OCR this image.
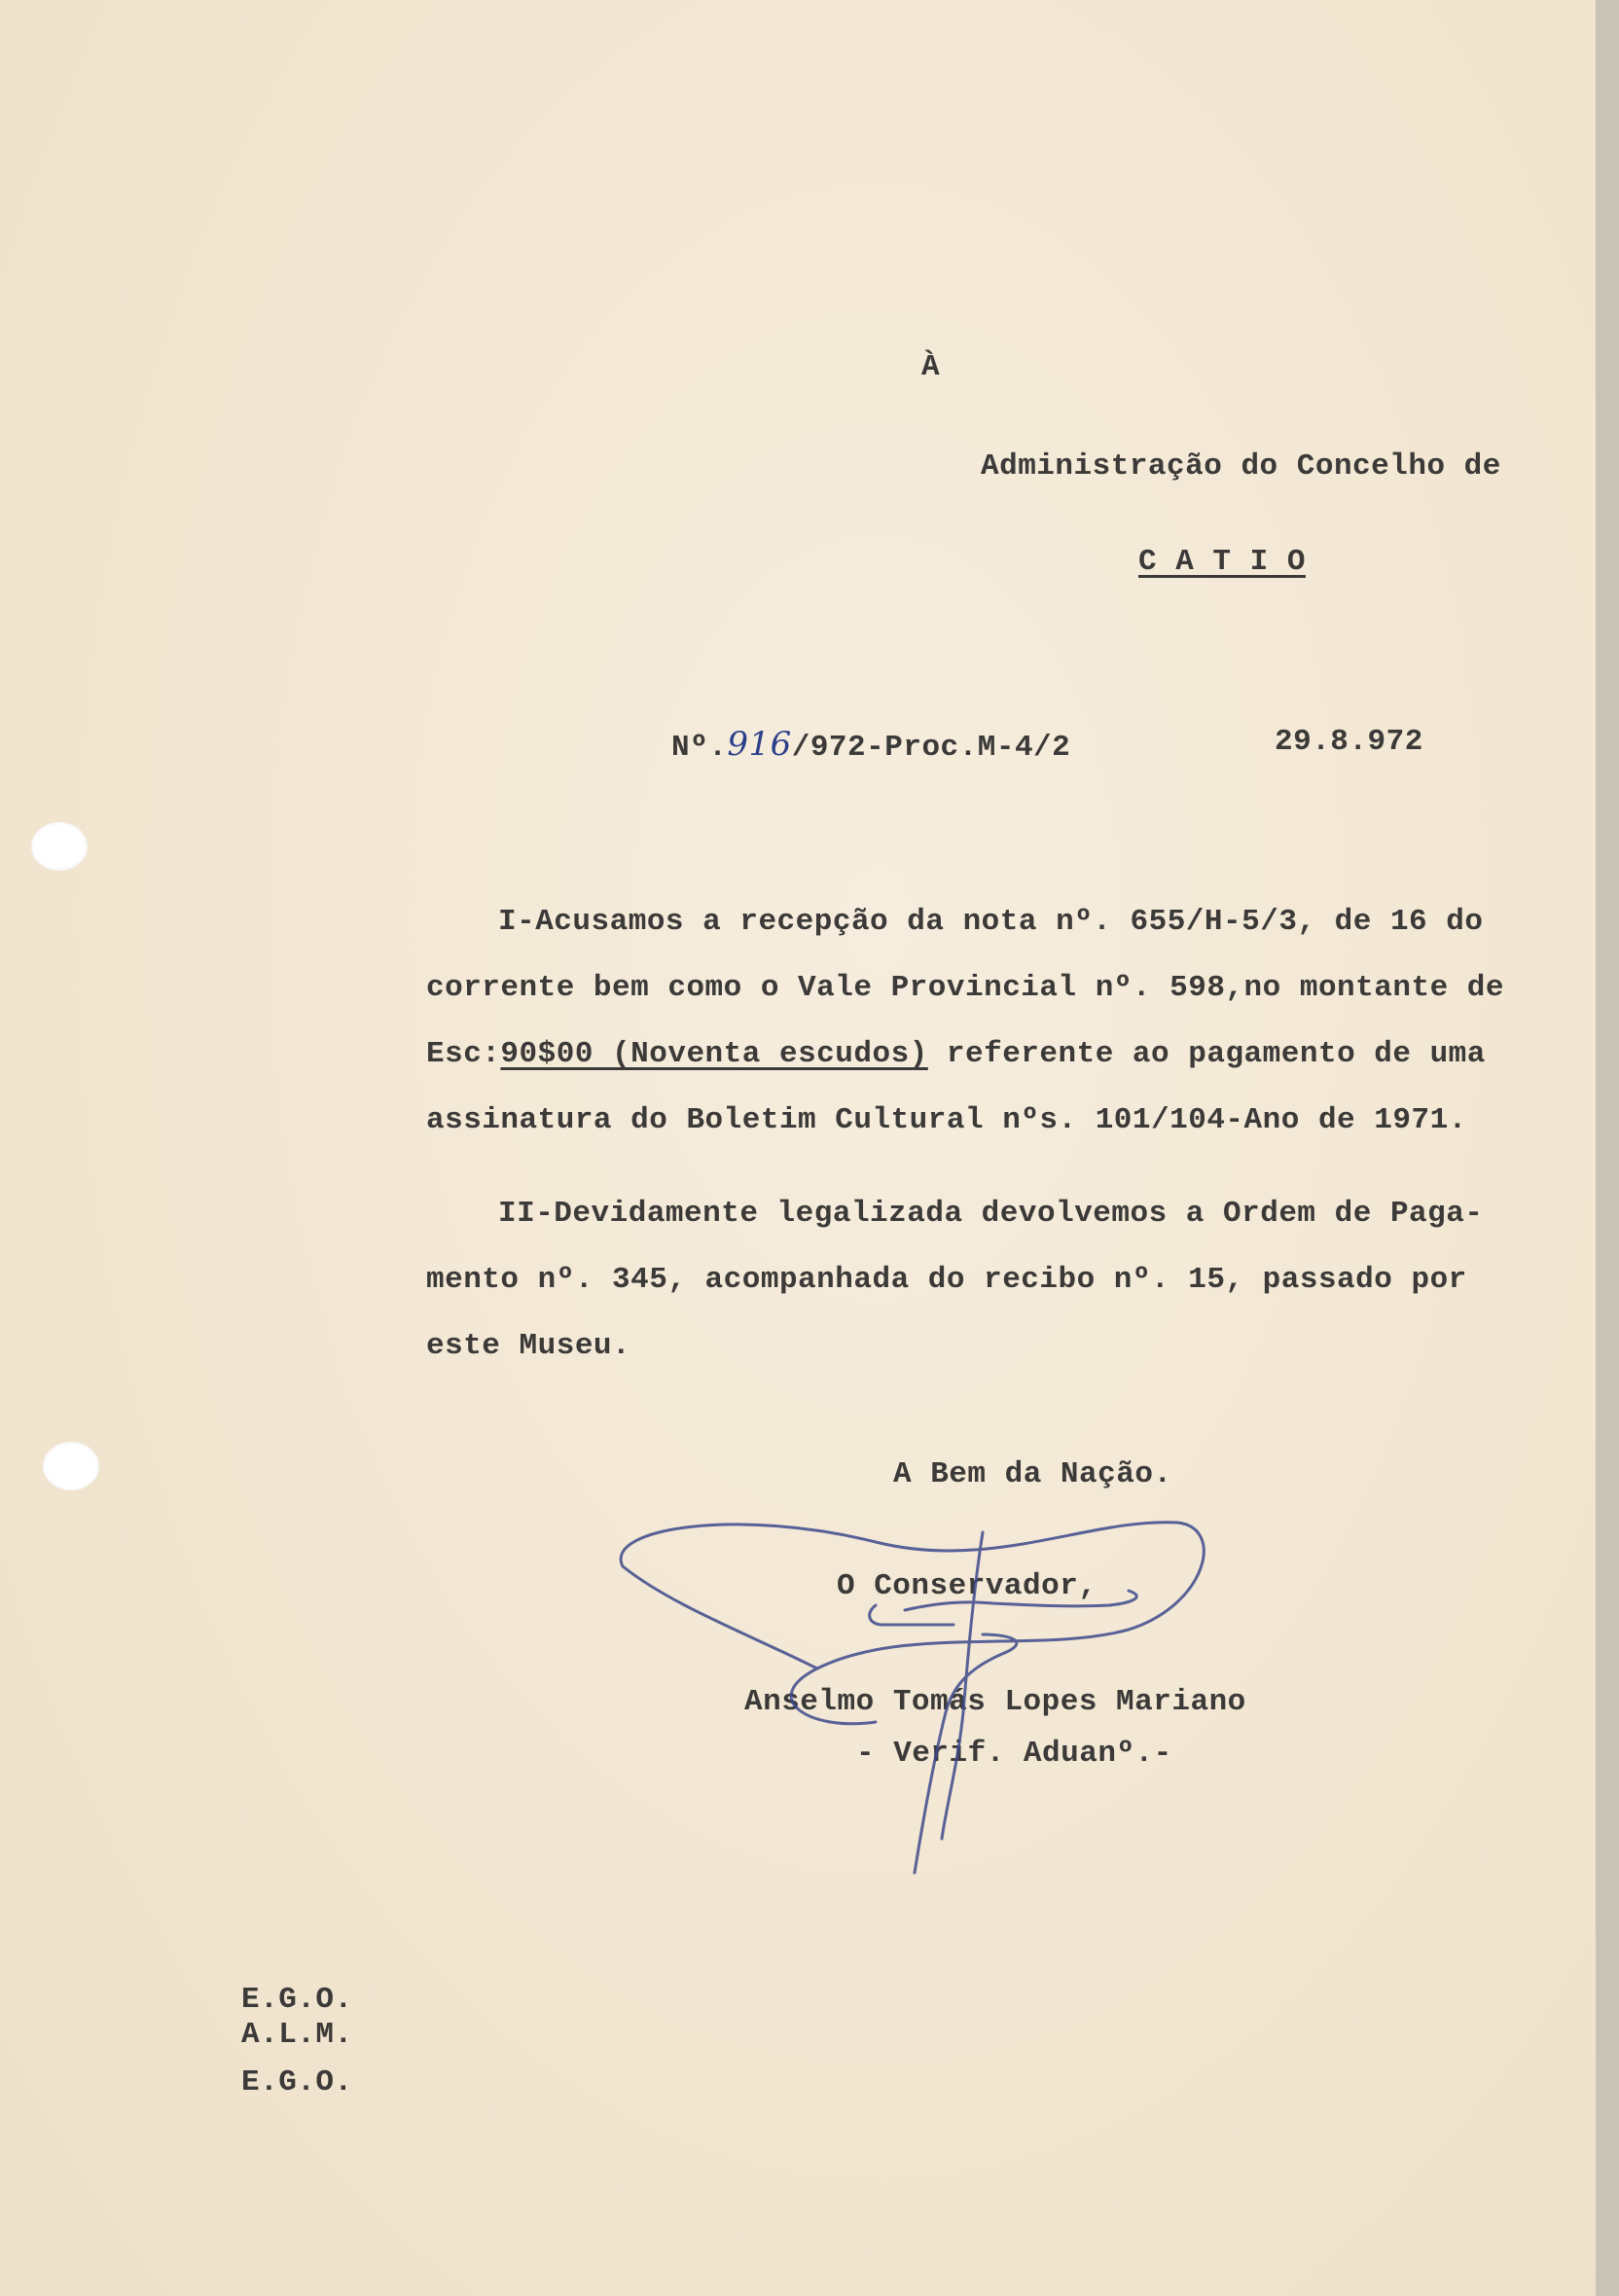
À
Administração do Concelho de
C A T I O
Nº.916/972-Proc.M-4/2	29.8.972
I-Acusamos a recepção da nota nº. 655/H-5/3, de 16 do
corrente bem como o Vale Provincial nº. 598,no montante de
Esc:90$00 (Noventa escudos) referente ao pagamento de uma
assinatura do Boletim Cultural nºs. 101/104-Ano de 1971.
II-Devidamente legalizada devolvemos a Ordem de Paga-
mento nº. 345, acompanhada do recibo nº. 15, passado por
este Museu.
A Bem da Nação.
O Conservador,
Anselmo Tomás Lopes Mariano
- Verif. Aduanº.-
E.G.O.
A.L.M.
E.G.O.
